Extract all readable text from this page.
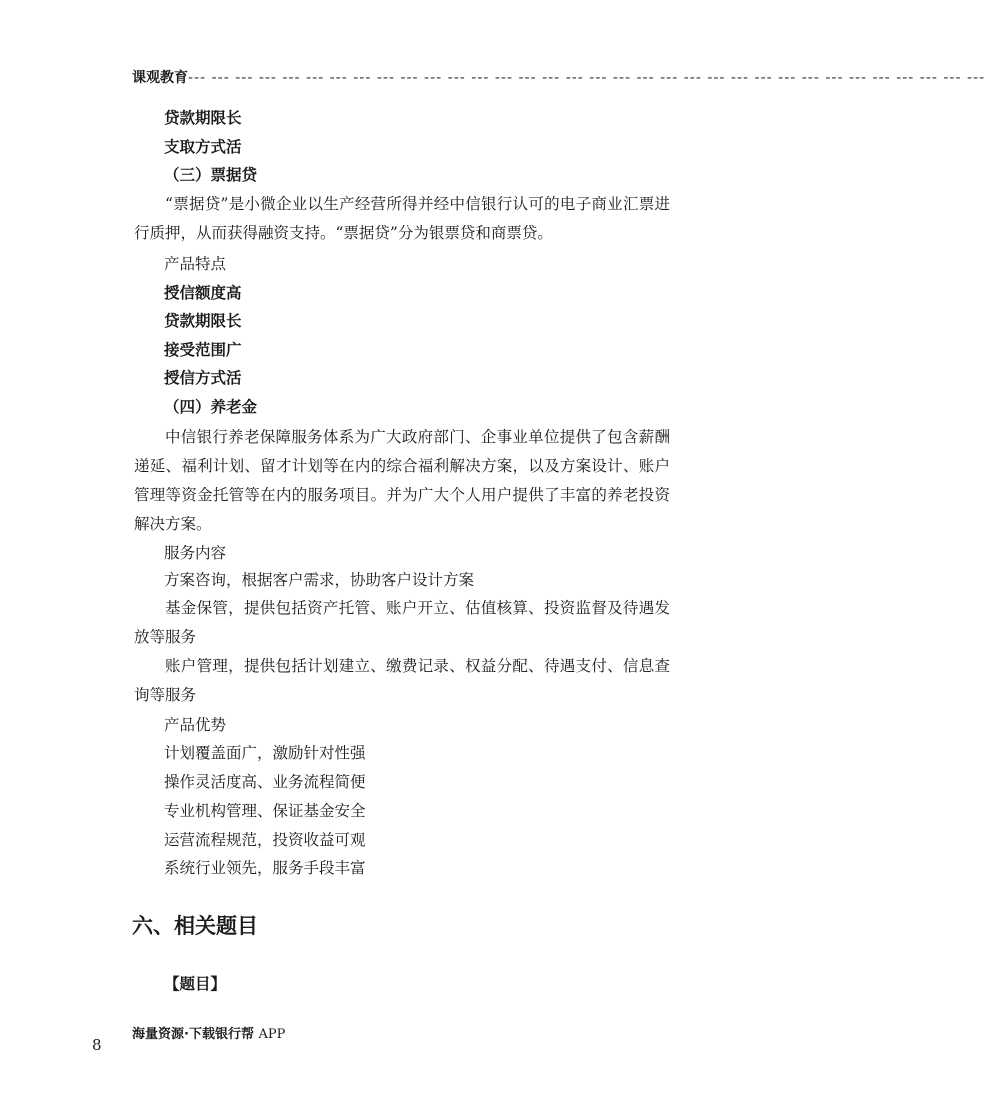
课观教育--- --- --- --- --- --- --- --- --- --- --- --- --- --- --- --- --- --- --- --- --- --- --- --- --- --- --- --- --- --- --- --- --- ---
贷款期限长
支取方式活
（三）票据贷
“票据贷”是小微企业以生产经营所得并经中信银行认可的电子商业汇票进行质押，从而获得融资支持。“票据贷”分为银票贷和商票贷。
产品特点
授信额度高
贷款期限长
接受范围广
授信方式活
（四）养老金
中信银行养老保障服务体系为广大政府部门、企事业单位提供了包含薪酬递延、福利计划、留才计划等在内的综合福利解决方案，以及方案设计、账户管理等资金托管等在内的服务项目。并为广大个人用户提供了丰富的养老投资解决方案。
服务内容
方案咨询，根据客户需求，协助客户设计方案
基金保管，提供包括资产托管、账户开立、估值核算、投资监督及待遇发放等服务
账户管理，提供包括计划建立、缴费记录、权益分配、待遇支付、信息查询等服务
产品优势
计划覆盖面广，激励针对性强
操作灵活度高、业务流程简便
专业机构管理、保证基金安全
运营流程规范，投资收益可观
系统行业领先，服务手段丰富
六、相关题目
【题目】
海量资源·下载银行帮 APP
8
